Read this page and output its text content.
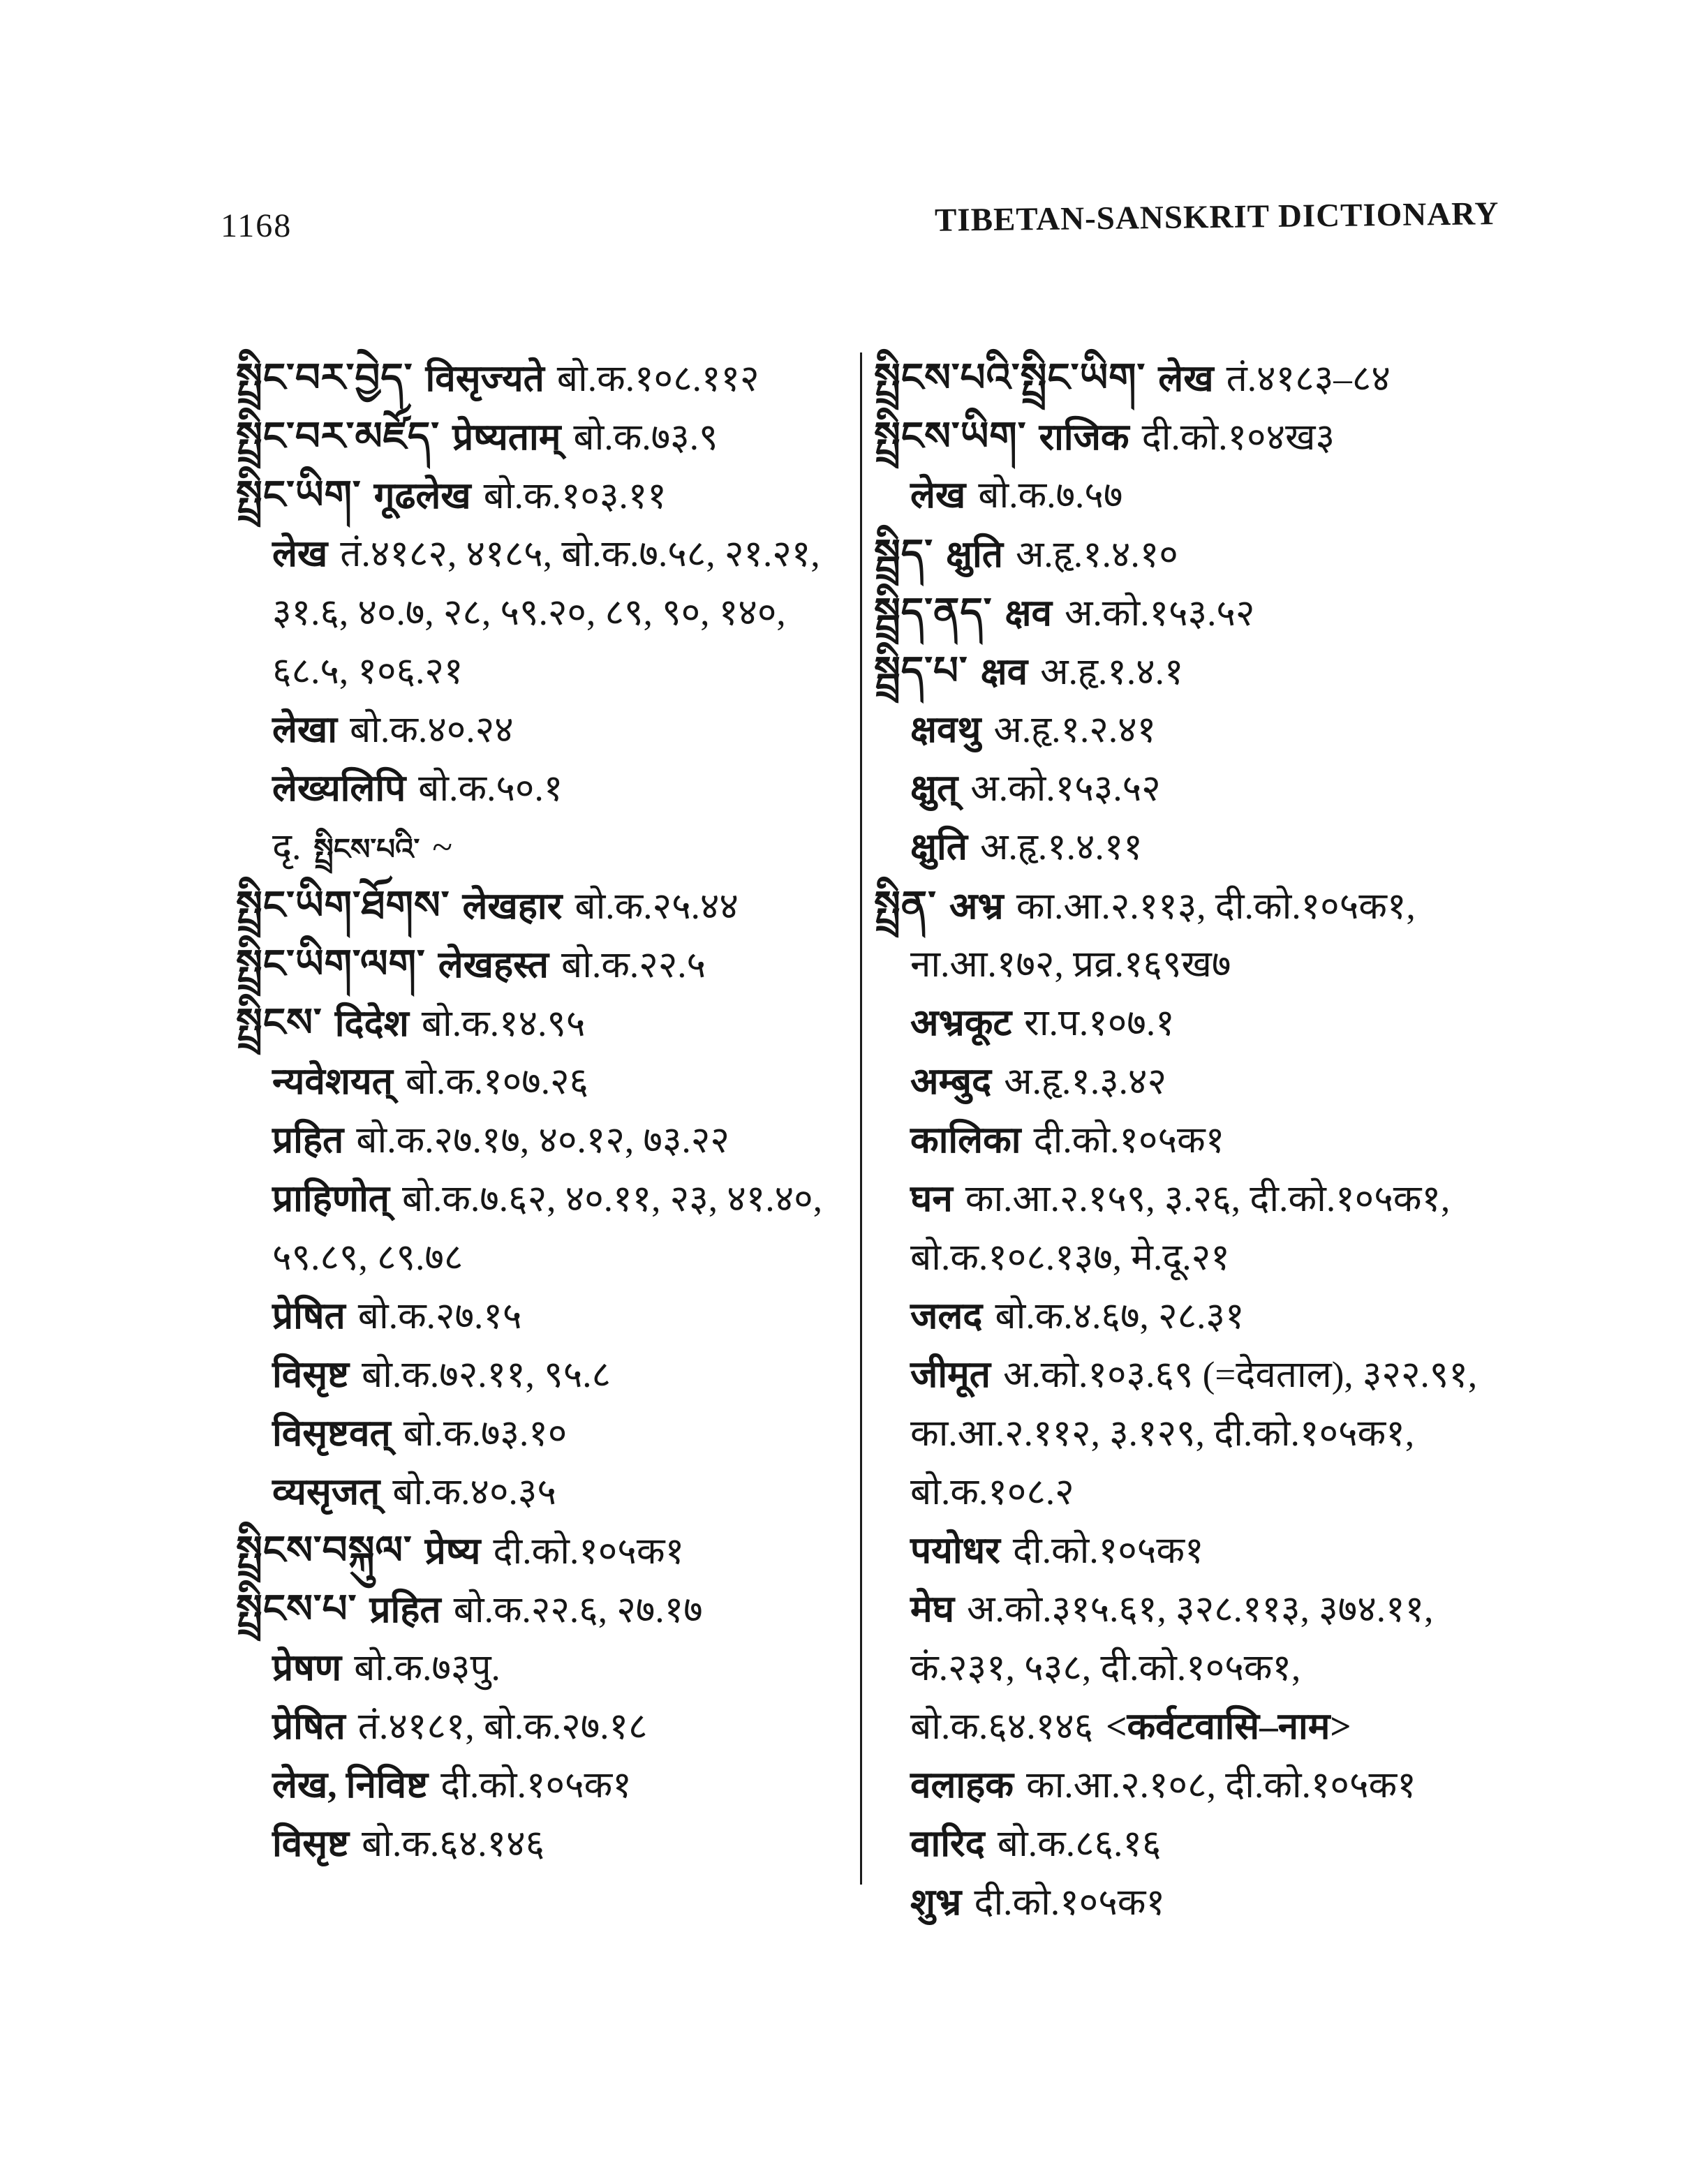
1168	TIBETAN-SANSKRIT DICTIONARY
སྤྲིང་བར་བྱེད་ विसृज्यते बो.क.१०८.११२
སྤྲིང་བར་མཛོད་ प्रेष्यताम् बो.क.७३.९
སྤྲིང་ཡིག་ गूढलेख बो.क.१०३.११
लेख तं.४१८२, ४१८५, बो.क.७.५८, २१.२१,
३१.६, ४०.७, २८, ५९.२०, ८९, ९०, १४०,
६८.५, १०६.२१
लेखा बो.क.४०.२४
लेख्यलिपि बो.क.५०.१
दृ. སྤྲིངས་པའི་ ~
སྤྲིང་ཡིག་ཐོགས་ लेखहार बो.क.२५.४४
སྤྲིང་ཡིག་ལག་ लेखहस्त बो.क.२२.५
སྤྲིངས་ दिदेश बो.क.१४.९५
न्यवेशयत् बो.क.१०७.२६
प्रहित बो.क.२७.१७, ४०.१२, ७३.२२
प्राहिणोत् बो.क.७.६२, ४०.११, २३, ४१.४०,
५९.८९, ८९.७८
प्रेषित बो.क.२७.१५
विसृष्ट बो.क.७२.११, ९५.८
विसृष्टवत् बो.क.७३.१०
व्यसृजत् बो.क.४०.३५
སྤྲིངས་བསྐུལ་ प्रेष्य दी.को.१०५क१
སྤྲིངས་པ་ प्रहित बो.क.२२.६, २७.१७
प्रेषण बो.क.७३पु.
प्रेषित तं.४१८१, बो.क.२७.१८
लेख, निविष्ट दी.को.१०५क१
विसृष्ट बो.क.६४.१४६
སྤྲིངས་པའི་སྤྲིང་ཡིག་ लेख तं.४१८३–८४
སྤྲིངས་ཡིག་ राजिक दी.को.१०४ख३
लेख बो.क.७.५७
སྦྲིད་ क्षुति अ.हृ.१.४.१०
སྦྲིད་ནད་ क्षव अ.को.१५३.५२
སྦྲིད་པ་ क्षव अ.हृ.१.४.१
क्षवथु अ.हृ.१.२.४१
क्षुत् अ.को.१५३.५२
क्षुति अ.हृ.१.४.११
སྤྲིན་ अभ्र का.आ.२.११३, दी.को.१०५क१,
ना.आ.१७२, प्रव्र.१६९ख७
अभ्रकूट रा.प.१०७.१
अम्बुद अ.हृ.१.३.४२
कालिका दी.को.१०५क१
घन का.आ.२.१५९, ३.२६, दी.को.१०५क१,
बो.क.१०८.१३७, मे.दू.२१
जलद बो.क.४.६७, २८.३१
जीमूत अ.को.१०३.६९ (=देवताल), ३२२.९१,
का.आ.२.११२, ३.१२९, दी.को.१०५क१,
बो.क.१०८.२
पयोधर दी.को.१०५क१
मेघ अ.को.३१५.६१, ३२८.११३, ३७४.११,
कं.२३१, ५३८, दी.को.१०५क१,
बो.क.६४.१४६ <कर्वटवासि–नाम>
वलाहक का.आ.२.१०८, दी.को.१०५क१
वारिद बो.क.८६.१६
शुभ्र दी.को.१०५क१
